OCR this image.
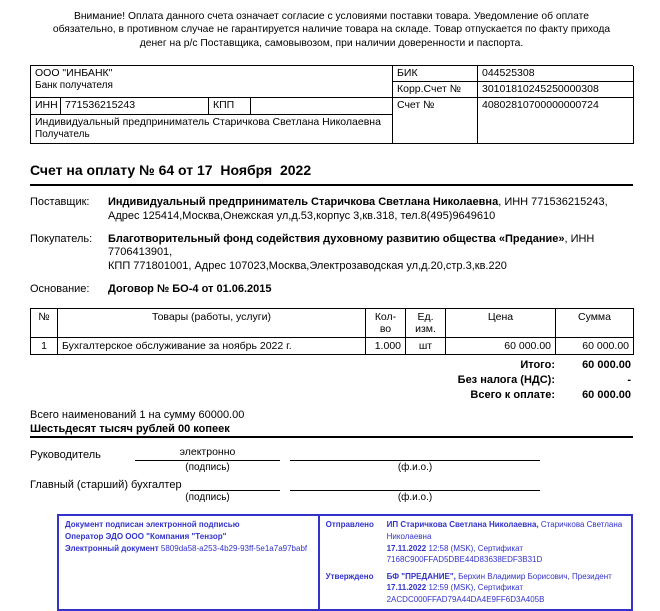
Внимание! Оплата данного счета означает согласие с условиями поставки товара. Уведомление об оплате обязательно, в противном случае не гарантируется наличие товара на складе. Товар отпускается по факту прихода денег на р/с Поставщика, самовывозом, при наличии доверенности и паспорта.
ООО "ИНБАНК"
Банк получателя
БИК	044525308
Корр.Счет №	30101810245250000308
ИНН 771536215243	КПП	Счет №	40802810700000000724
Индивидуальный предприниматель Старичкова Светлана Николаевна
Получатель
Счет на оплату № 64 от 17  Ноября  2022
Поставщик:	Индивидуальный предприниматель Старичкова Светлана Николаевна, ИНН 771536215243,
Адрес 125414,Москва,Онежская ул,д.53,корпус 3,кв.318, тел.8(495)9649610
Покупатель:	Благотворительный фонд содействия духовному развитию общества «Предание», ИНН 7706413901,
КПП 771801001, Адрес 107023,Москва,Электрозаводская ул,д.20,стр.3,кв.220
Основание:	Договор № БО-4 от 01.06.2015
№	Товары (работы, услуги)	Кол-во	Ед. изм.	Цена	Сумма
1	Бухгалтерское обслуживание за ноябрь 2022 г.	1.000	шт	60 000.00	60 000.00
Итого:	60 000.00
Без налога (НДС):	-
Всего к оплате:	60 000.00
Всего наименований 1 на сумму 60000.00
Шестьдесят тысяч рублей 00 копеек
Руководитель	электронно
(подпись)	(ф.и.о.)
Главный (старший) бухгалтер
(подпись)	(ф.и.о.)
Документ подписан электронной подписью
Оператор ЭДО ООО "Компания "Тензор"
Электронный документ 5809da58-a253-4b29-93ff-5e1a7a97babf
Отправлено	ИП Старичкова Светлана Николаевна, Старичкова Светлана Николаевна
17.11.2022 12:58 (MSK), Сертификат 7168C900FFAD5DBE44D83638EDF3B31D
Утверждено	БФ "ПРЕДАНИЕ", Берхин Владимир Борисович, Президент
17.11.2022 12:59 (MSK), Сертификат 2ACDC000FFAD79A44DA4E9FF6D3A405B
